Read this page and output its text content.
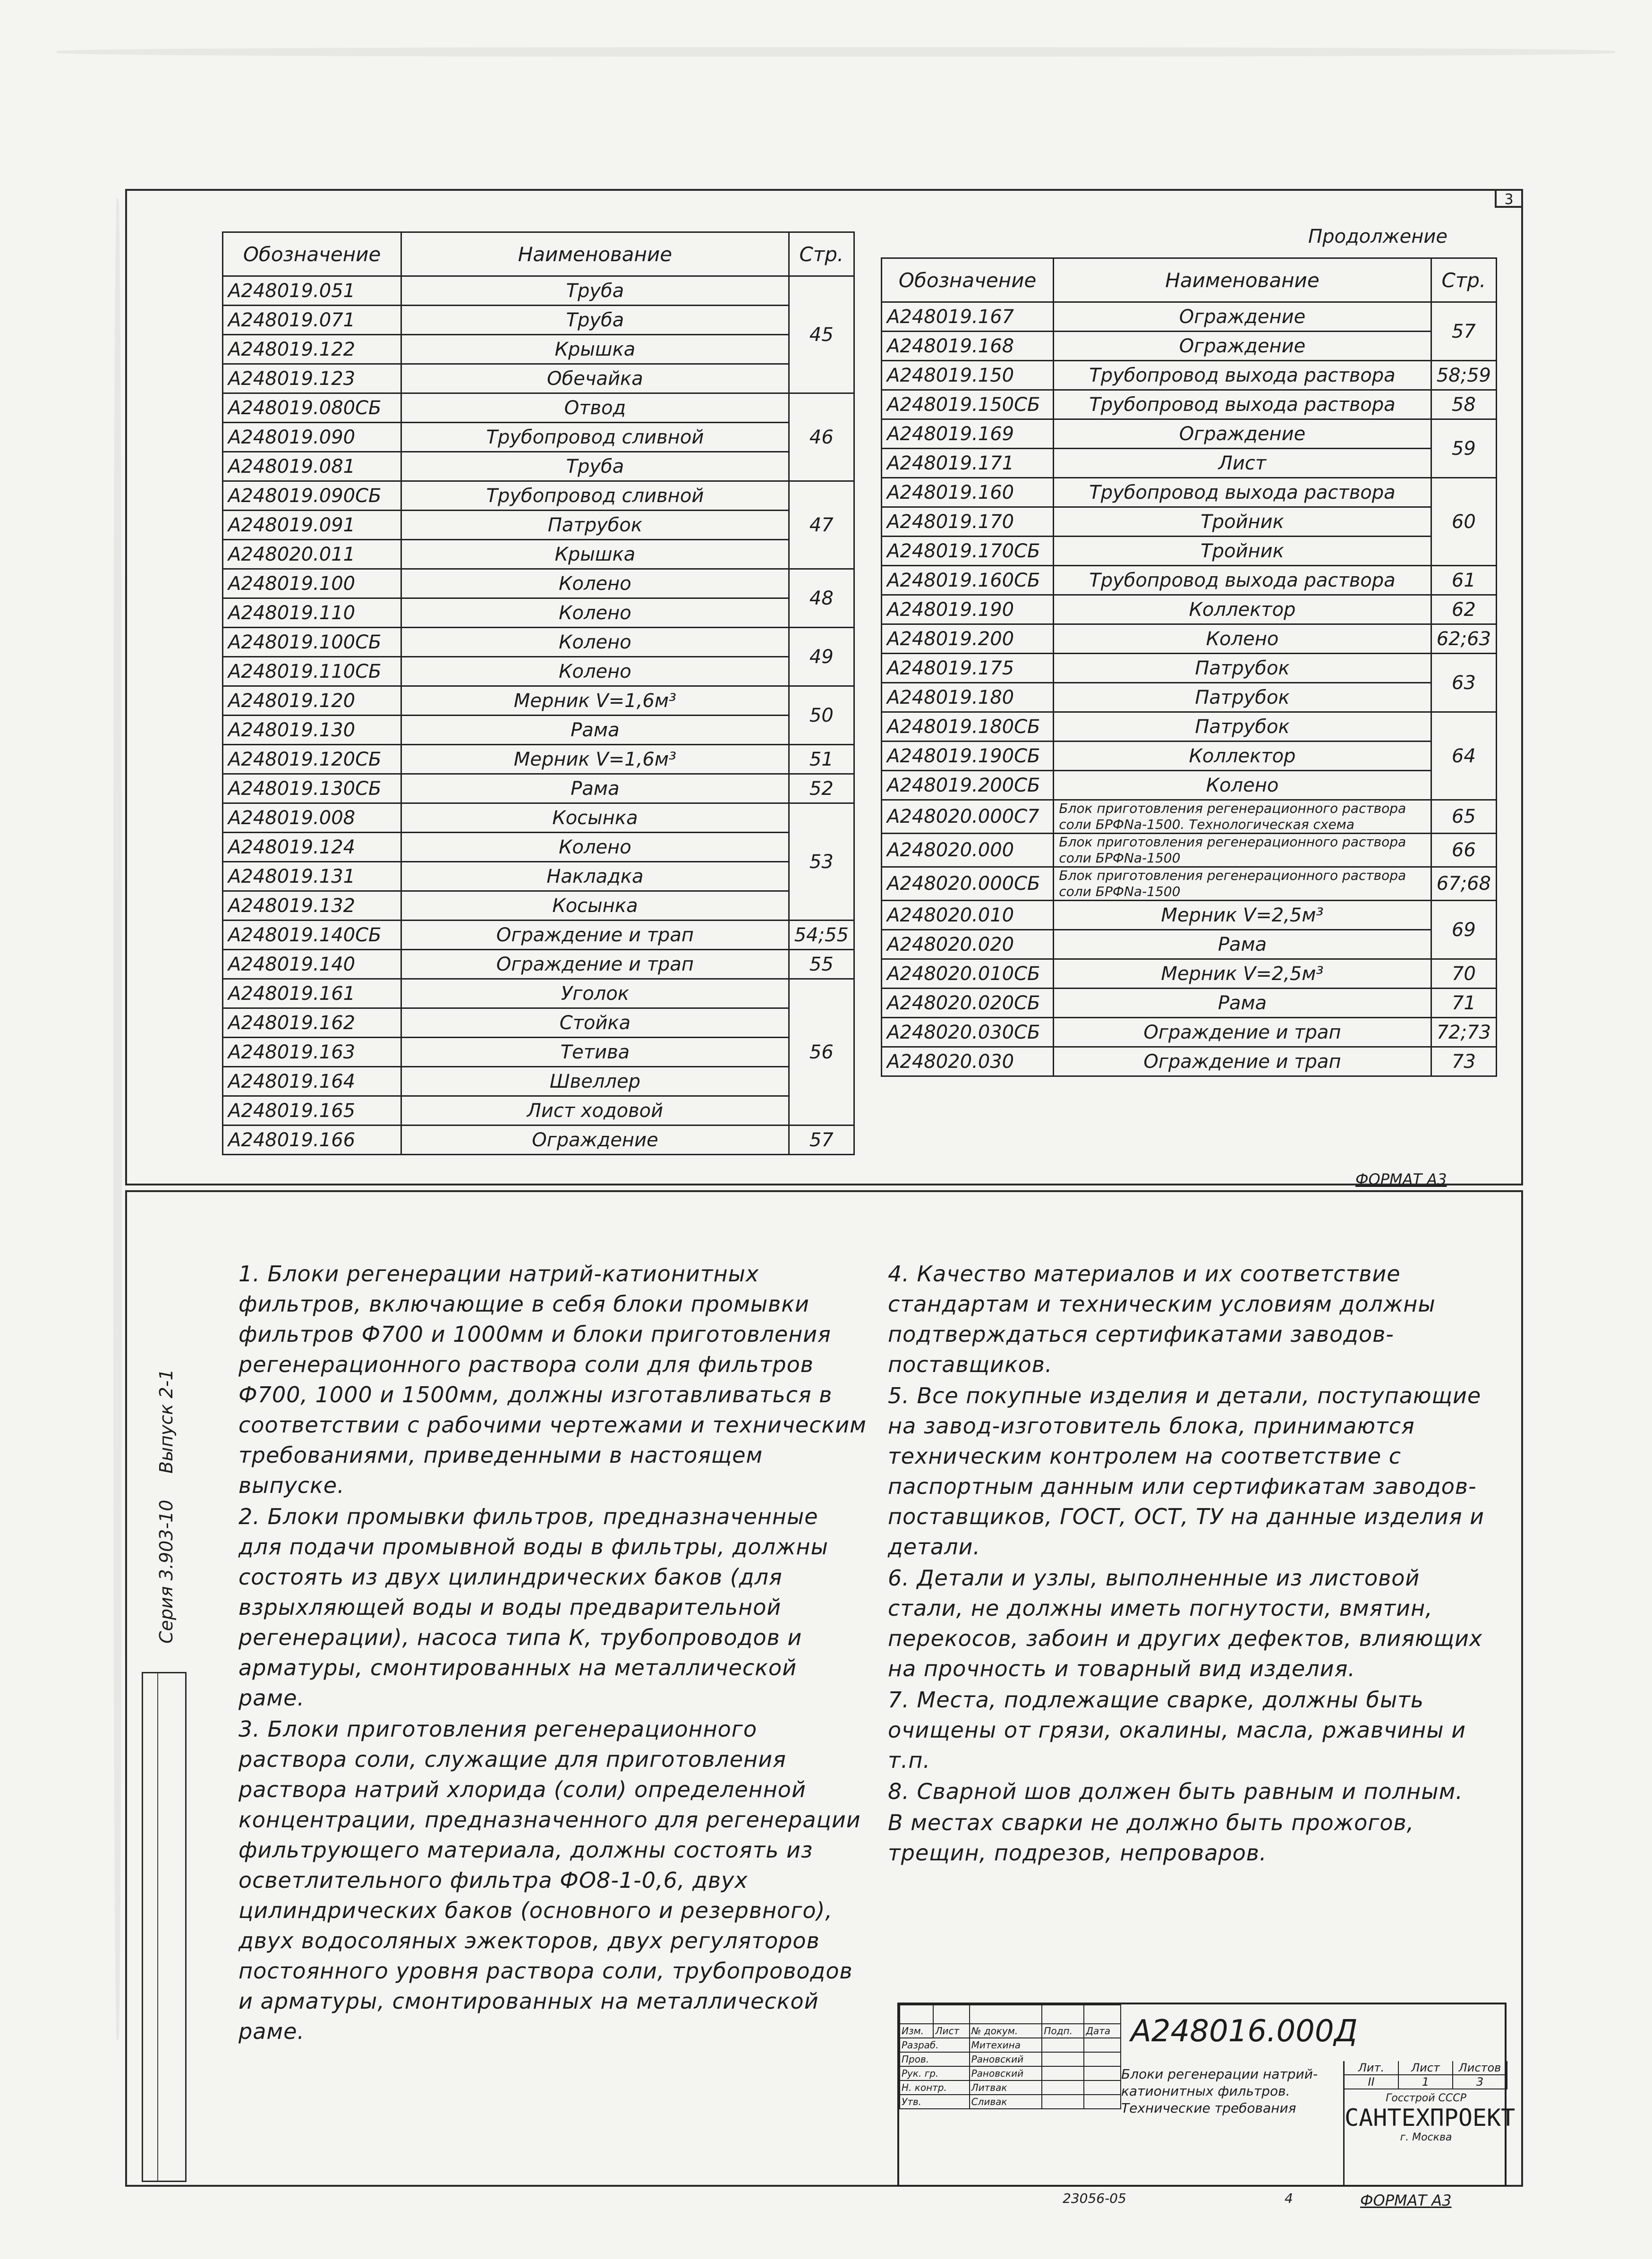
3
Продолжение
Обозначение	Наименование	Стр.
А248019.051	Труба	45
А248019.071	Труба	
А248019.122	Крышка	
А248019.123	Обечайка	
А248019.080СБ	Отвод	46
А248019.090	Трубопровод сливной	
А248019.081	Труба	
А248019.090СБ	Трубопровод сливной	47
А248019.091	Патрубок	
А248020.011	Крышка	
А248019.100	Колено	48
А248019.110	Колено	
А248019.100СБ	Колено	49
А248019.110СБ	Колено	
А248019.120	Мерник V=1,6м³	50
А248019.130	Рама	
А248019.120СБ	Мерник V=1,6м³	51
А248019.130СБ	Рама	52
А248019.008	Косынка	53
А248019.124	Колено	
А248019.131	Накладка	
А248019.132	Косынка	
А248019.140СБ	Ограждение и трап	54;55
А248019.140	Ограждение и трап	55
А248019.161	Уголок	56
А248019.162	Стойка	
А248019.163	Тетива	
А248019.164	Швеллер	
А248019.165	Лист ходовой	
А248019.166	Ограждение	57
Обозначение	Наименование	Стр.
А248019.167	Ограждение	57
А248019.168	Ограждение	
А248019.150	Трубопровод выхода раствора	58;59
А248019.150СБ	Трубопровод выхода раствора	58
А248019.169	Ограждение	59
А248019.171	Лист	
А248019.160	Трубопровод выхода раствора	60
А248019.170	Тройник	
А248019.170СБ	Тройник	
А248019.160СБ	Трубопровод выхода раствора	61
А248019.190	Коллектор	62
А248019.200	Колено	62;63
А248019.175	Патрубок	63
А248019.180	Патрубок	
А248019.180СБ	Патрубок	64
А248019.190СБ	Коллектор	
А248019.200СБ	Колено	
А248020.000С7	Блок приготовления регенерационного раствора соли БРФNa-1500. Технологическая схема	65
А248020.000	Блок приготовления регенерационного раствора соли БРФNa-1500	66
А248020.000СБ	Блок приготовления регенерационного раствора соли БРФNa-1500	67;68
А248020.010	Мерник V=2,5м³	69
А248020.020	Рама	
А248020.010СБ	Мерник V=2,5м³	70
А248020.020СБ	Рама	71
А248020.030СБ	Ограждение и трап	72;73
А248020.030	Ограждение и трап	73
ФОРМАТ А3
Выпуск 2-1
Серия 3.903-10

1. Блоки регенерации натрий-катионитных фильтров, включающие в себя блоки промывки фильтров Ф700 и 1000мм и блоки приготовления регенерационного раствора соли для фильтров Ф700, 1000 и 1500мм, должны изготавливаться в соответствии с рабочими чертежами и техническим требованиями, приведенными в настоящем выпуске.

2. Блоки промывки фильтров, предназначенные для подачи промывной воды в фильтры, должны состоять из двух цилиндрических баков (для взрыхляющей воды и воды предварительной регенерации), насоса типа К, трубопроводов и арматуры, смонтированных на металлической раме.

3. Блоки приготовления регенерационного раствора соли, служащие для приготовления раствора натрий хлорида (соли) определенной концентрации, предназначенного для регенерации фильтрующего материала, должны состоять из осветлительного фильтра ФО8-1-0,6, двух цилиндрических баков (основного и резервного), двух водосоляных эжекторов, двух регуляторов постоянного уровня раствора соли, трубопроводов и арматуры, смонтированных на металлической раме.

4. Качество материалов и их соответствие стандартам и техническим условиям должны подтверждаться сертификатами заводов-поставщиков.

5. Все покупные изделия и детали, поступающие на завод-изготовитель блока, принимаются техническим контролем на соответствие с паспортным данным или сертификатам заводов-поставщиков, ГОСТ, ОСТ, ТУ на данные изделия и детали.

6. Детали и узлы, выполненные из листовой стали, не должны иметь погнутости, вмятин, перекосов, забоин и других дефектов, влияющих на прочность и товарный вид изделия.

7. Места, подлежащие сварке, должны быть очищены от грязи, окалины, масла, ржавчины и т.п.

8. Сварной шов должен быть равным и полным.

В местах сварки не должно быть прожогов, трещин, подрезов, непроваров.

Изм.	Лист	№ докум.	Подп.	Дата
Разраб.		Митехина		
Пров.		Рановский		
Рук. гр.		Рановский		
Н. контр.		Литвак		
Утв.		Сливак		
А248016.000Д
Блоки регенерации натрий-катионитных фильтров. Технические требования
Лит.	Лист	Листов
II	1	3
Госстрой СССР
САНТЕХПРОЕКТ
г. Москва
23056-05	4	ФОРМАТ А3
